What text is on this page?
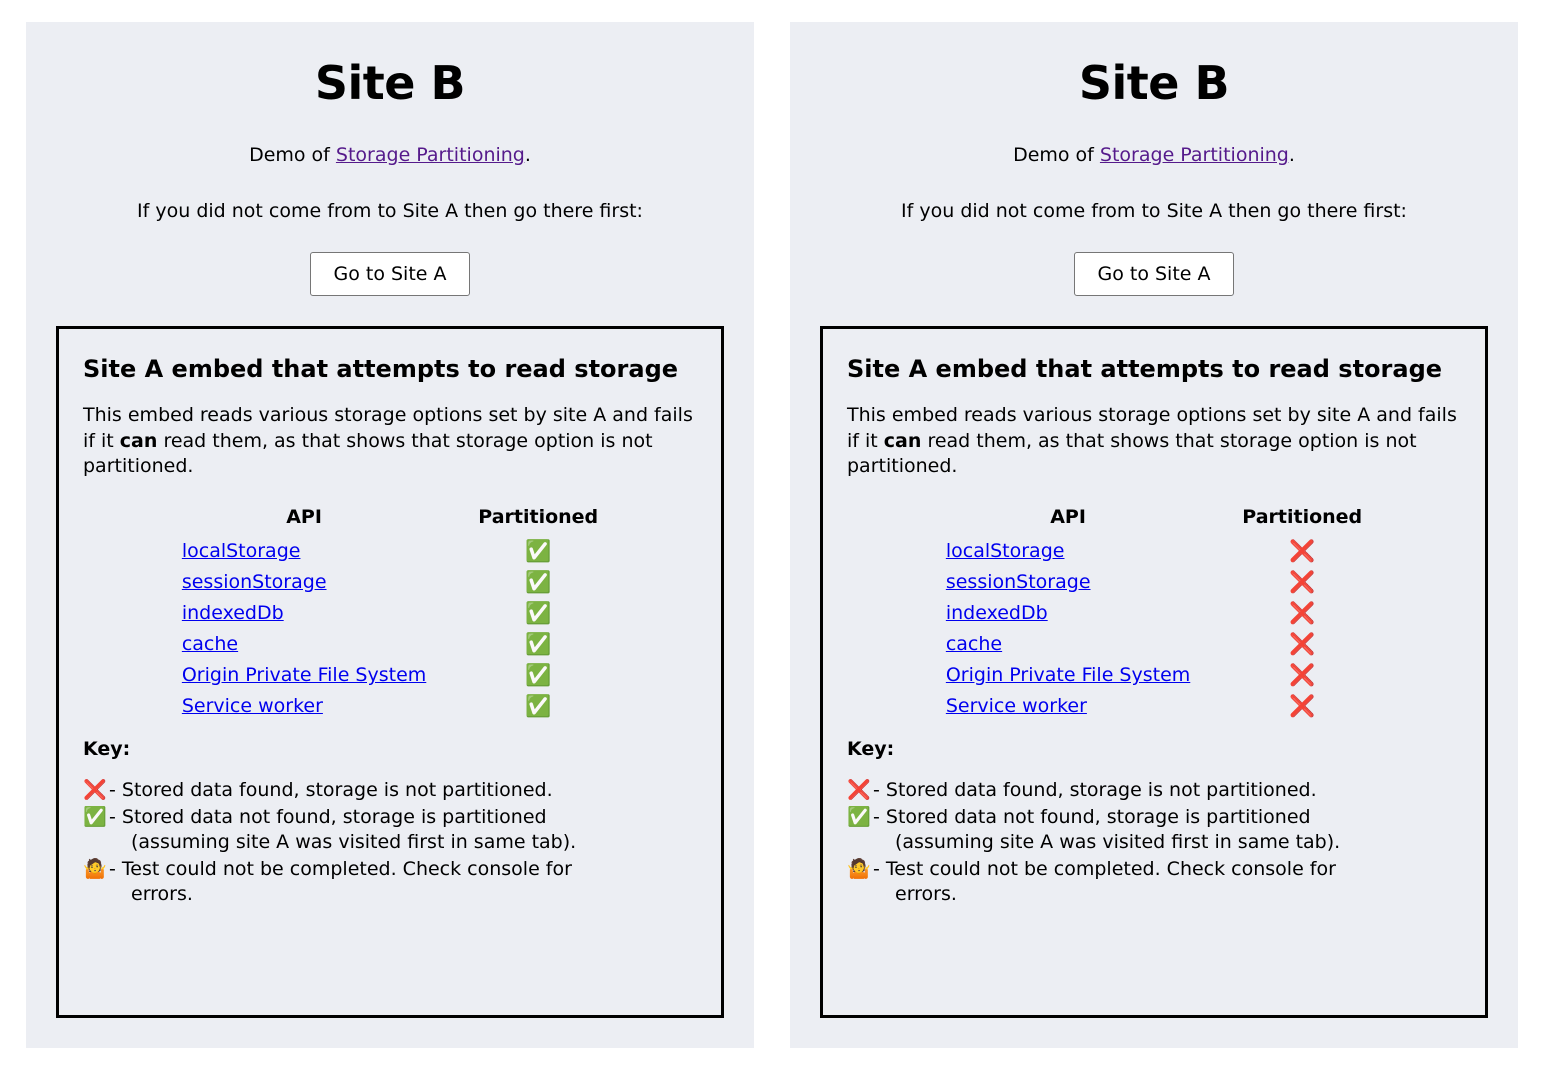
Site B
Demo of Storage Partitioning.
If you did not come from to Site A then go there first:
Go to Site A
Site A embed that attempts to read storage
This embed reads various storage options set by site A and fails if it can read them, as that shows that storage option is not partitioned.
API	Partitioned
localStorage	✅
sessionStorage	✅
indexedDb	✅
cache	✅
Origin Private File System	✅
Service worker	✅
Key:
❌ - Stored data found, storage is not partitioned.
✅ - Stored data not found, storage is partitioned
(assuming site A was visited first in same tab).
🤷 - Test could not be completed. Check console for
errors.
Site B
Demo of Storage Partitioning.
If you did not come from to Site A then go there first:
Go to Site A
Site A embed that attempts to read storage
This embed reads various storage options set by site A and fails if it can read them, as that shows that storage option is not partitioned.
API	Partitioned
localStorage	❌
sessionStorage	❌
indexedDb	❌
cache	❌
Origin Private File System	❌
Service worker	❌
Key:
❌ - Stored data found, storage is not partitioned.
✅ - Stored data not found, storage is partitioned
(assuming site A was visited first in same tab).
🤷 - Test could not be completed. Check console for
errors.
